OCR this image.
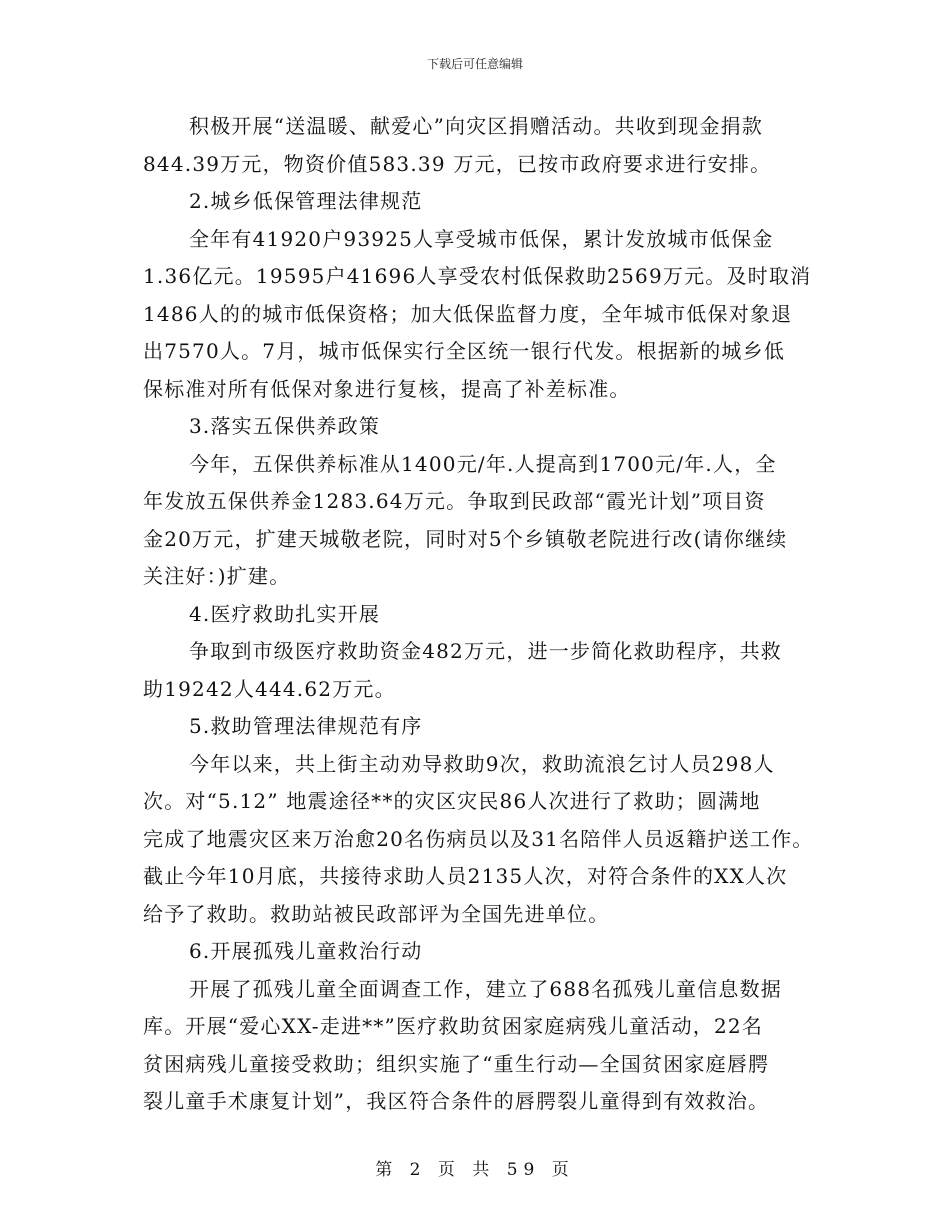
下载后可任意编辑
积极开展“送温暖、献爱心”向灾区捐赠活动。共收到现金捐款
844.39万元，物资价值583.39 万元，已按市政府要求进行安排。
2.城乡低保管理法律规范
全年有41920户93925人享受城市低保，累计发放城市低保金
1.36亿元。19595户41696人享受农村低保救助2569万元。及时取消
1486人的的城市低保资格；加大低保监督力度，全年城市低保对象退
出7570人。7月，城市低保实行全区统一银行代发。根据新的城乡低
保标准对所有低保对象进行复核，提高了补差标准。
3.落实五保供养政策
今年，五保供养标准从1400元/年.人提高到1700元/年.人，全
年发放五保供养金1283.64万元。争取到民政部“霞光计划”项目资
金20万元，扩建天城敬老院，同时对5个乡镇敬老院进行改(请你继续
关注好：)扩建。
4.医疗救助扎实开展
争取到市级医疗救助资金482万元，进一步简化救助程序，共救
助19242人444.62万元。
5.救助管理法律规范有序
今年以来，共上街主动劝导救助9次，救助流浪乞讨人员298人
次。对“5.12” 地震途径**的灾区灾民86人次进行了救助；圆满地
完成了地震灾区来万治愈20名伤病员以及31名陪伴人员返籍护送工作。
截止今年10月底，共接待求助人员2135人次，对符合条件的XX人次
给予了救助。救助站被民政部评为全国先进单位。
6.开展孤残儿童救治行动
开展了孤残儿童全面调查工作，建立了688名孤残儿童信息数据
库。开展“爱心XX-走进**”医疗救助贫困家庭病残儿童活动，22名
贫困病残儿童接受救助；组织实施了“重生行动—全国贫困家庭唇腭
裂儿童手术康复计划”，我区符合条件的唇腭裂儿童得到有效救治。
第 2 页 共 59 页
